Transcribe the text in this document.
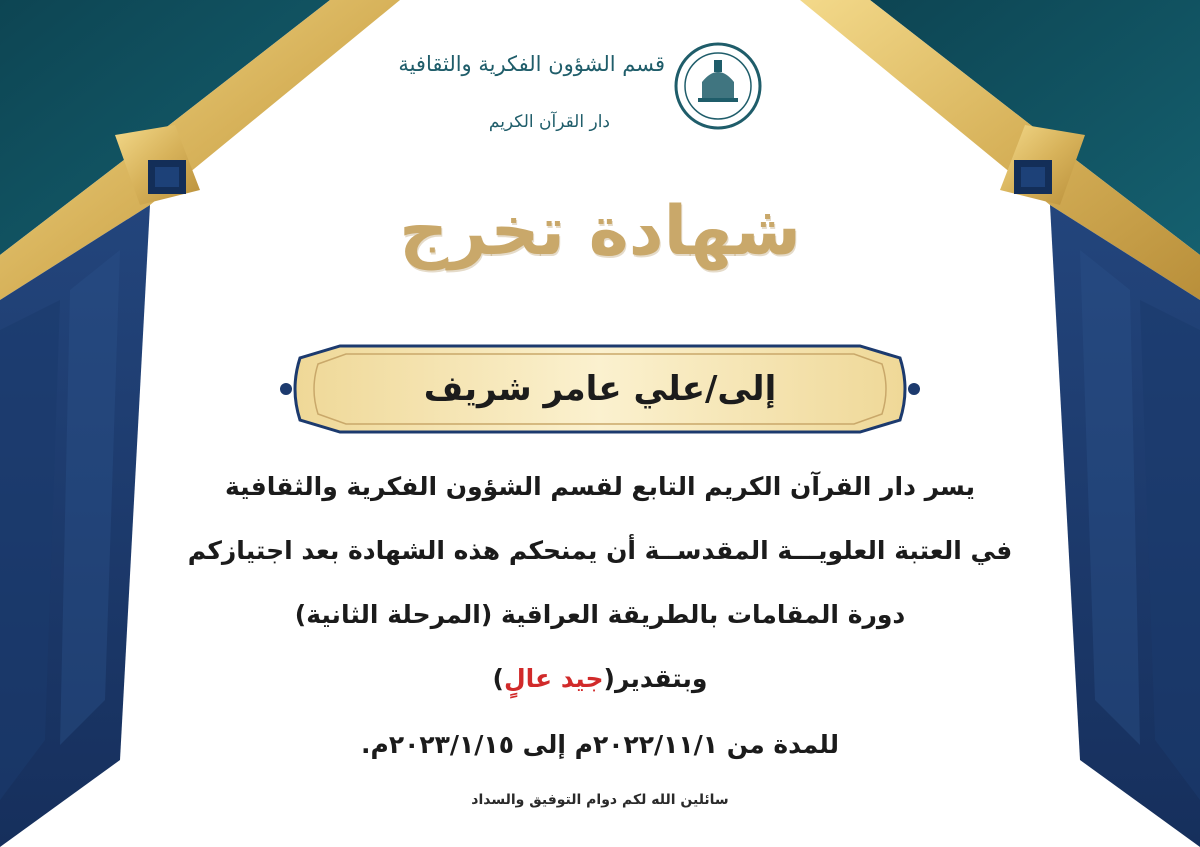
قسم الشؤون الفكرية والثقافية
دار القرآن الكريم
شهادة تخرج
إلى/علي عامر شريف
يسر دار القرآن الكريم التابع لقسم الشؤون الفكرية والثقافية
في العتبة العلويـــة المقدســة أن يمنحكم هذه الشهادة بعد اجتيازكم
دورة المقامات بالطريقة العراقية (المرحلة الثانية)
وبتقدير(جيد عالٍ)
للمدة من ٢٠٢٢/١١/١م إلى ٢٠٢٣/١/١٥م.
سائلين الله لكم دوام التوفيق والسداد
